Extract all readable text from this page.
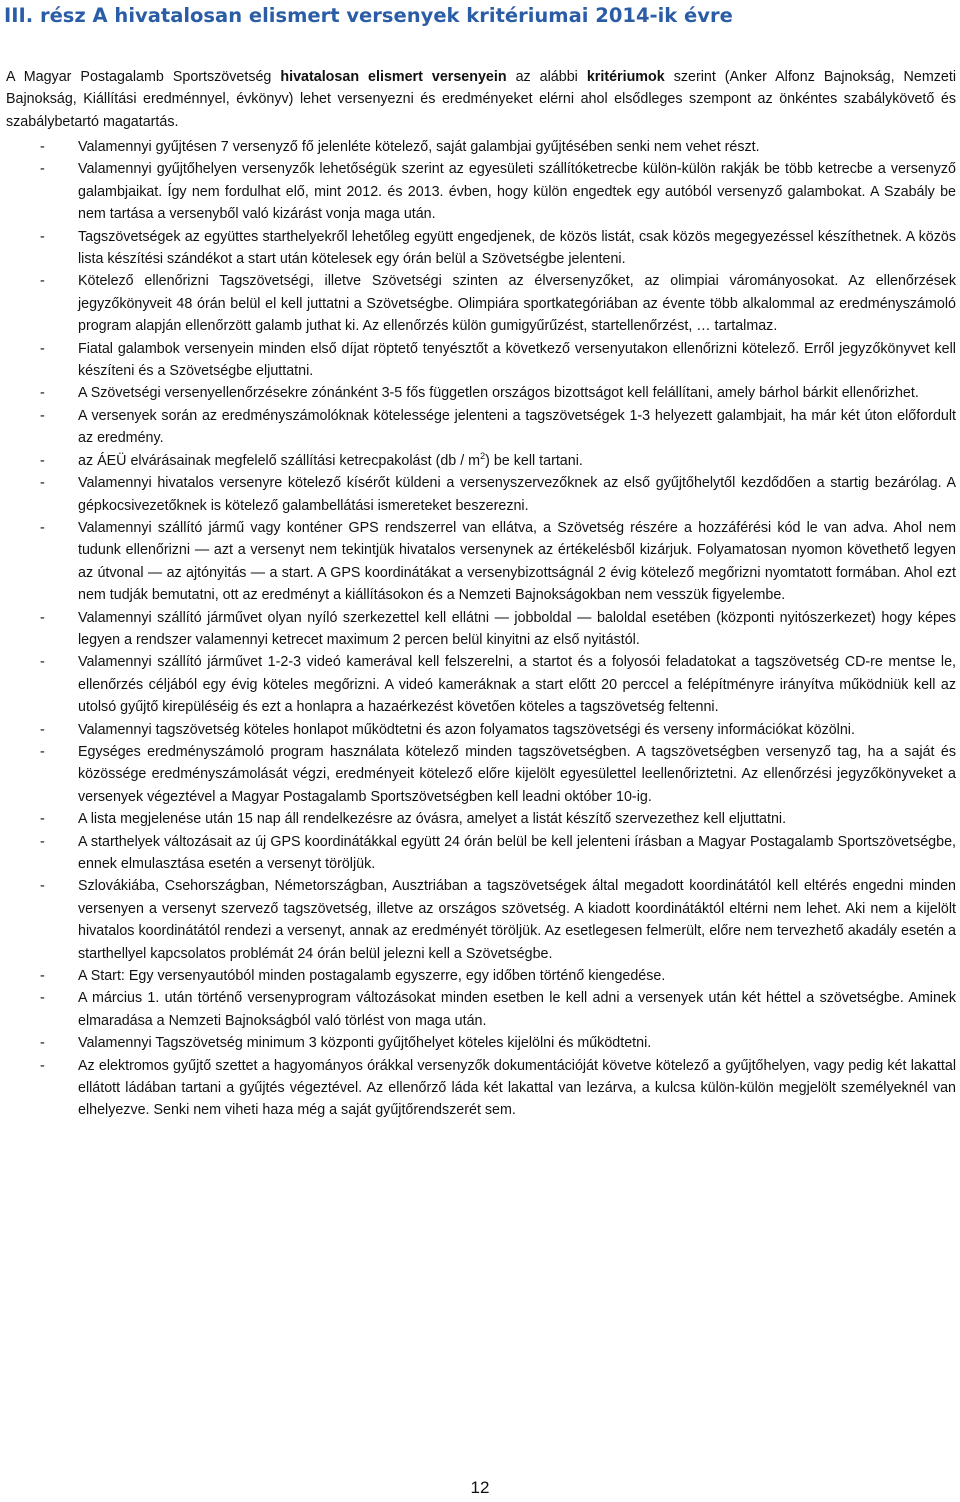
III. rész A hivatalosan elismert versenyek kritériumai 2014-ik évre
A Magyar Postagalamb Sportszövetség hivatalosan elismert versenyein az alábbi kritériumok szerint (Anker Alfonz Bajnokság, Nemzeti Bajnokság, Kiállítási eredménnyel, évkönyv) lehet versenyezni és eredményeket elérni ahol elsődleges szempont az önkéntes szabálykövető és szabálybetartó magatartás.
- Valamennyi gyűjtésen 7 versenyző fő jelenléte kötelező, saját galambjai gyűjtésében senki nem vehet részt.
- Valamennyi gyűjtőhelyen versenyzők lehetőségük szerint az egyesületi szállítóketrecbe külön-külön rakják be több ketrecbe a versenyző galambjaikat. Így nem fordulhat elő, mint 2012. és 2013. évben, hogy külön engedtek egy autóból versenyző galambokat. A Szabály be nem tartása a versenyből való kizárást vonja maga után.
- Tagszövetségek az együttes starthelyekről lehetőleg együtt engedjenek, de közös listát, csak közös megegyezéssel készíthetnek. A közös lista készítési szándékot a start után kötelesek egy órán belül a Szövetségbe jelenteni.
- Kötelező ellenőrizni Tagszövetségi, illetve Szövetségi szinten az élversenyzőket, az olimpiai várományosokat. Az ellenőrzések jegyzőkönyveit 48 órán belül el kell juttatni a Szövetségbe. Olimpiára sportkategóriában az évente több alkalommal az eredményszámoló program alapján ellenőrzött galamb juthat ki. Az ellenőrzés külön gumigyűrűzést, startellenőrzést, … tartalmaz.
- Fiatal galambok versenyein minden első díjat röptető tenyésztőt a következő versenyutakon ellenőrizni kötelező. Erről jegyzőkönyvet kell készíteni és a Szövetségbe eljuttatni.
- A Szövetségi versenyellenőrzésekre zónánként 3-5 fős független országos bizottságot kell felállítani, amely bárhol bárkit ellenőrizhet.
- A versenyek során az eredményszámolóknak kötelessége jelenteni a tagszövetségek 1-3 helyezett galambjait, ha már két úton előfordult az eredmény.
- az ÁEÜ elvárásainak megfelelő szállítási ketrecpakolást $(db / m^2)$ be kell tartani.
- Valamennyi hivatalos versenyre kötelező kísérőt küldeni a versenyszervezőknek az első gyűjtőhelytől kezdődően a startig bezárólag. A gépkocsivezetőknek is kötelező galambellátási ismereteket beszerezni.
- Valamennyi szállító jármű vagy konténer GPS rendszerrel van ellátva, a Szövetség részére a hozzáférési kód le van adva. Ahol nem tudunk ellenőrizni — azt a versenyt nem tekintjük hivatalos versenynek az értékelésből kizárjuk. Folyamatosan nyomon követhető legyen az útvonal — az ajtónyitás — a start. A GPS koordinátákat a versenybizottságnál 2 évig kötelező megőrizni nyomtatott formában. Ahol ezt nem tudják bemutatni, ott az eredményt a kiállításokon és a Nemzeti Bajnokságokban nem vesszük figyelembe.
- Valamennyi szállító járművet olyan nyíló szerkezettel kell ellátni — jobboldal — baloldal esetében (központi nyitószerkezet) hogy képes legyen a rendszer valamennyi ketrecet maximum 2 percen belül kinyitni az első nyitástól.
- Valamennyi szállító járművet 1-2-3 videó kamerával kell felszerelni, a startot és a folyosói feladatokat a tagszövetség CD-re mentse le, ellenőrzés céljából egy évig köteles megőrizni. A videó kameráknak a start előtt 20 perccel a felépítményre irányítva működniük kell az utolsó gyűjtő kirepüléséig és ezt a honlapra a hazaérkezést követően köteles a tagszövetség feltenni.
- Valamennyi tagszövetség köteles honlapot működtetni és azon folyamatos tagszövetségi és verseny információkat közölni.
- Egységes eredményszámoló program használata kötelező minden tagszövetségben. A tagszövetségben versenyző tag, ha a saját és közössége eredményszámolását végzi, eredményeit kötelező előre kijelölt egyesülettel leellenőriztetni. Az ellenőrzési jegyzőkönyveket a versenyek végeztével a Magyar Postagalamb Sportszövetségben kell leadni október 10-ig.
- A lista megjelenése után 15 nap áll rendelkezésre az óvásra, amelyet a listát készítő szervezethez kell eljuttatni.
- A starthelyek változásait az új GPS koordinátákkal együtt 24 órán belül be kell jelenteni írásban a Magyar Postagalamb Sportszövetségbe, ennek elmulasztása esetén a versenyt töröljük.
- Szlovákiába, Csehországban, Németországban, Ausztriában a tagszövetségek által megadott koordinátától kell eltérés engedni minden versenyen a versenyt szervező tagszövetség, illetve az országos szövetség. A kiadott koordinátáktól eltérni nem lehet. Aki nem a kijelölt hivatalos koordinátától rendezi a versenyt, annak az eredményét töröljük. Az esetlegesen felmerült, előre nem tervezhető akadály esetén a starthellyel kapcsolatos problémát 24 órán belül jelezni kell a Szövetségbe.
- A Start: Egy versenyautóból minden postagalamb egyszerre, egy időben történő kiengedése.
- A március 1. után történő versenyprogram változásokat minden esetben le kell adni a versenyek után két héttel a szövetségbe. Aminek elmaradása a Nemzeti Bajnokságból való törlést von maga után.
- Valamennyi Tagszövetség minimum 3 központi gyűjtőhelyet köteles kijelölni és működtetni.
- Az elektromos gyűjtő szettet a hagyományos órákkal versenyzők dokumentációját követve kötelező a gyűjtőhelyen, vagy pedig két lakattal ellátott ládában tartani a gyűjtés végeztével. Az ellenőrző láda két lakattal van lezárva, a kulcsa külön-külön megjelölt személyeknél van elhelyezve. Senki nem viheti haza még a saját gyűjtőrendszerét sem.
12
